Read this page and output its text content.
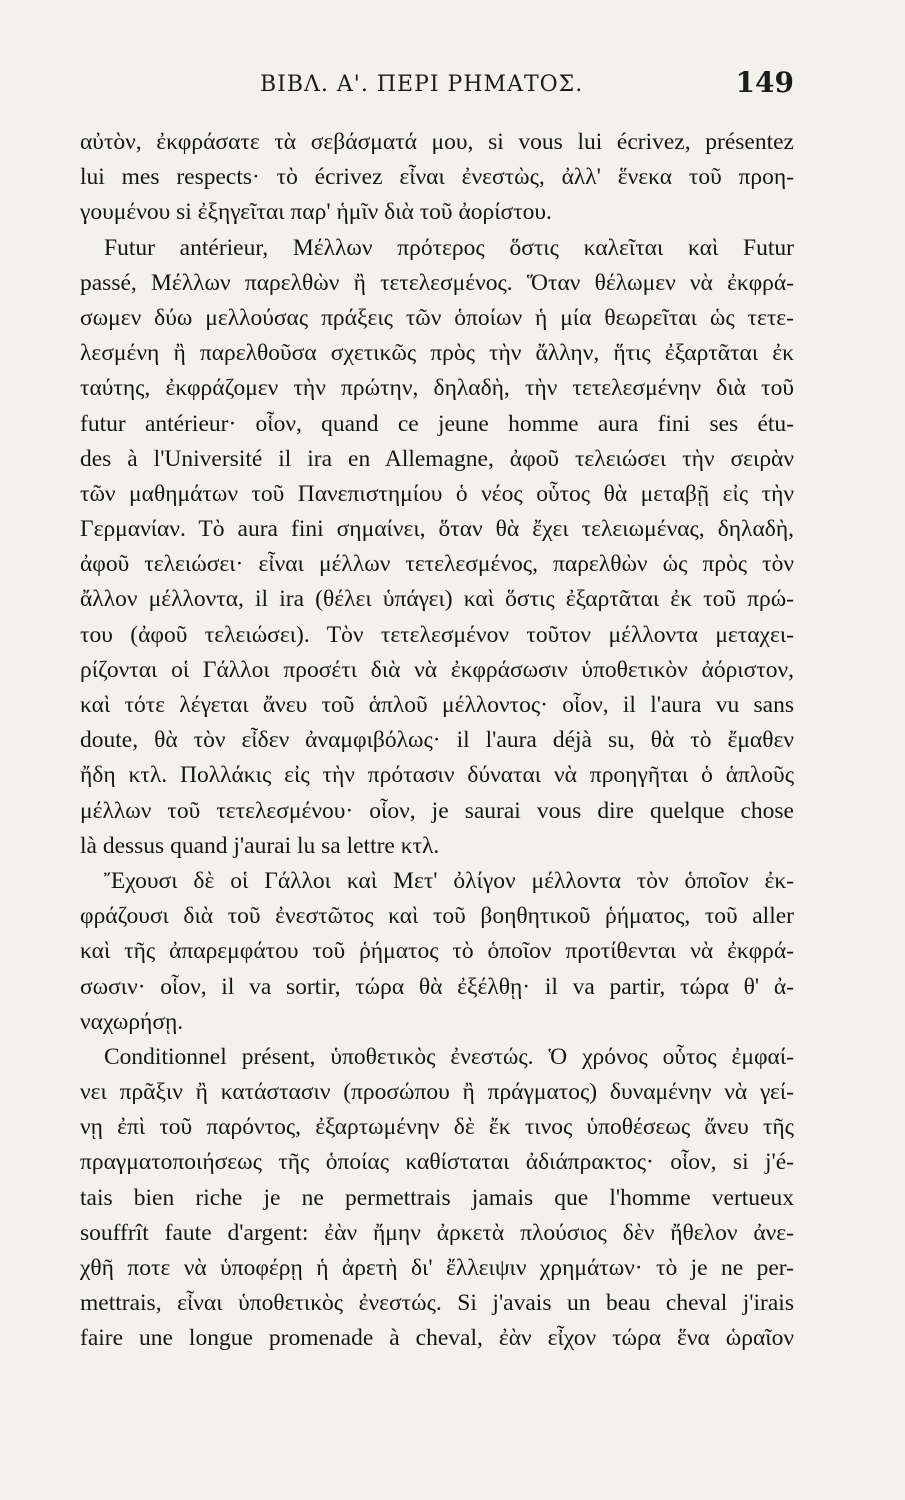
ΒΙΒΛ. Α'. ΠΕΡΙ ΡΗΜΑΤΟΣ.	149
αὐτὸν, ἐκφράσατε τὰ σεβάσματά μου, si vous lui écrivez, présentez
lui mes respects· τὸ écrivez εἶναι ἐνεστὼς, ἀλλ' ἕνεκα τοῦ προη-
γουμένου si ἐξηγεῖται παρ' ἡμῖν διὰ τοῦ ἀορίστου.
Futur antérieur, Μέλλων πρότερος ὅστις καλεῖται καὶ Futur
passé, Μέλλων παρελθὼν ἢ τετελεσμένος. Ὅταν θέλωμεν νὰ ἐκφρά-
σωμεν δύω μελλούσας πράξεις τῶν ὁποίων ἡ μία θεωρεῖται ὡς τετε-
λεσμένη ἢ παρελθοῦσα σχετικῶς πρὸς τὴν ἄλλην, ἥτις ἐξαρτᾶται ἐκ
ταύτης, ἐκφράζομεν τὴν πρώτην, δηλαδὴ, τὴν τετελεσμένην διὰ τοῦ
futur antérieur· οἷον, quand ce jeune homme aura fini ses étu-
des à l'Université il ira en Allemagne, ἀφοῦ τελειώσει τὴν σειρὰν
τῶν μαθημάτων τοῦ Πανεπιστημίου ὁ νέος οὗτος θὰ μεταβῇ εἰς τὴν
Γερμανίαν. Τὸ aura fini σημαίνει, ὅταν θὰ ἔχει τελειωμένας, δηλαδὴ,
ἀφοῦ τελειώσει· εἶναι μέλλων τετελεσμένος, παρελθὼν ὡς πρὸς τὸν
ἄλλον μέλλοντα, il ira (θέλει ὑπάγει) καὶ ὅστις ἐξαρτᾶται ἐκ τοῦ πρώ-
του (ἀφοῦ τελειώσει). Τὸν τετελεσμένον τοῦτον μέλλοντα μεταχει-
ρίζονται οἱ Γάλλοι προσέτι διὰ νὰ ἐκφράσωσιν ὑποθετικὸν ἀόριστον,
καὶ τότε λέγεται ἄνευ τοῦ ἁπλοῦ μέλλοντος· οἷον, il l'aura vu sans
doute, θὰ τὸν εἶδεν ἀναμφιβόλως· il l'aura déjà su, θὰ τὸ ἔμαθεν
ἤδη κτλ. Πολλάκις εἰς τὴν πρότασιν δύναται νὰ προηγῆται ὁ ἁπλοῦς
μέλλων τοῦ τετελεσμένου· οἷον, je saurai vous dire quelque chose
là dessus quand j'aurai lu sa lettre κτλ.
Ἔχουσι δὲ οἱ Γάλλοι καὶ Μετ' ὀλίγον μέλλοντα τὸν ὁποῖον ἐκ-
φράζουσι διὰ τοῦ ἐνεστῶτος καὶ τοῦ βοηθητικοῦ ῥήματος, τοῦ aller
καὶ τῆς ἀπαρεμφάτου τοῦ ῥήματος τὸ ὁποῖον προτίθενται νὰ ἐκφρά-
σωσιν· οἷον, il va sortir, τώρα θὰ ἐξέλθῃ· il va partir, τώρα θ' ἀ-
ναχωρήσῃ.
Conditionnel présent, ὑποθετικὸς ἐνεστώς. Ὁ χρόνος οὗτος ἐμφαί-
νει πρᾶξιν ἢ κατάστασιν (προσώπου ἢ πράγματος) δυναμένην νὰ γεί-
νῃ ἐπὶ τοῦ παρόντος, ἐξαρτωμένην δὲ ἔκ τινος ὑποθέσεως ἄνευ τῆς
πραγματοποιήσεως τῆς ὁποίας καθίσταται ἀδιάπρακτος· οἷον, si j'é-
tais bien riche je ne permettrais jamais que l'homme vertueux
souffrît faute d'argent: ἐὰν ἤμην ἀρκετὰ πλούσιος δὲν ἤθελον ἀνε-
χθῆ ποτε νὰ ὑποφέρῃ ἡ ἀρετὴ δι' ἔλλειψιν χρημάτων· τὸ je ne per-
mettrais, εἶναι ὑποθετικὸς ἐνεστώς. Si j'avais un beau cheval j'irais
faire une longue promenade à cheval, ἐὰν εἶχον τώρα ἕνα ὡραῖον
